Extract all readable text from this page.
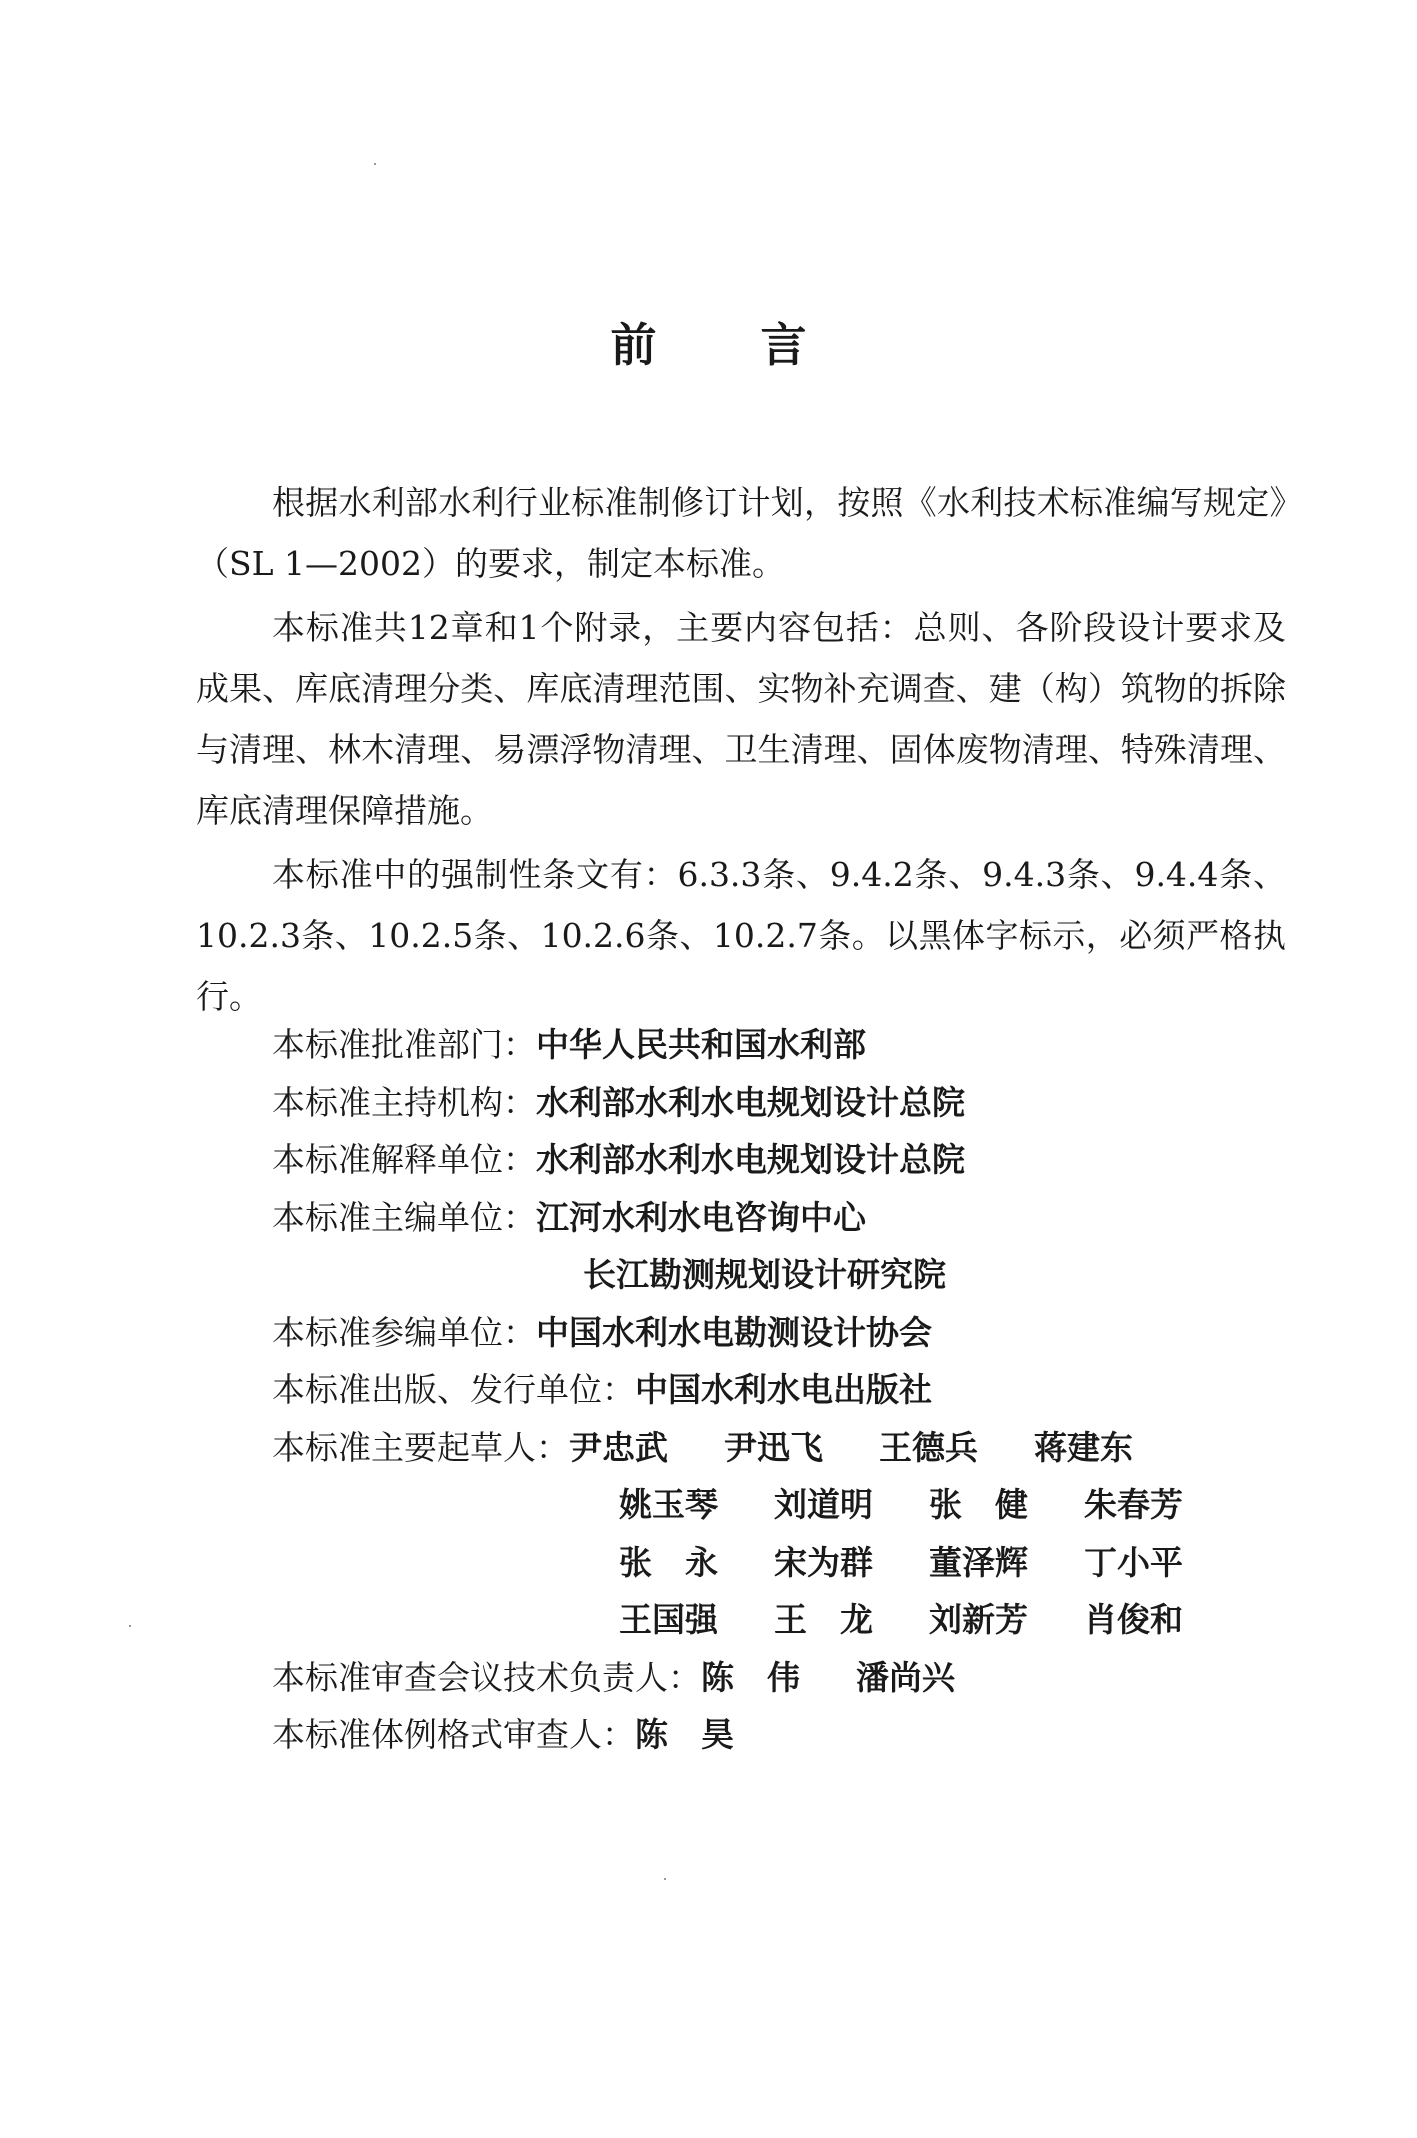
前 言

根据水利部水利行业标准制修订计划，按照《水利技术标准编写规定》（SL 1—2002）的要求，制定本标准。

本标准共12章和1个附录，主要内容包括：总则、各阶段设计要求及成果、库底清理分类、库底清理范围、实物补充调查、建（构）筑物的拆除与清理、林木清理、易漂浮物清理、卫生清理、固体废物清理、特殊清理、库底清理保障措施。

本标准中的强制性条文有：6.3.3条、9.4.2条、9.4.3条、9.4.4条、10.2.3条、10.2.5条、10.2.6条、10.2.7条。以黑体字标示，必须严格执行。

本标准批准部门： 中华人民共和国水利部
本标准主持机构： 水利部水利水电规划设计总院
本标准解释单位： 水利部水利水电规划设计总院
本标准主编单位： 江河水利水电咨询中心
长江勘测规划设计研究院
本标准参编单位： 中国水利水电勘测设计协会
本标准出版、发行单位： 中国水利水电出版社
本标准主要起草人： 尹忠武	尹迅飞	王德兵	蒋建东
姚玉琴	刘道明	张　健	朱春芳
张　永	宋为群	董泽辉	丁小平
王国强	王　龙	刘新芳	肖俊和
本标准审查会议技术负责人： 陈　伟	潘尚兴
本标准体例格式审查人： 陈　昊
